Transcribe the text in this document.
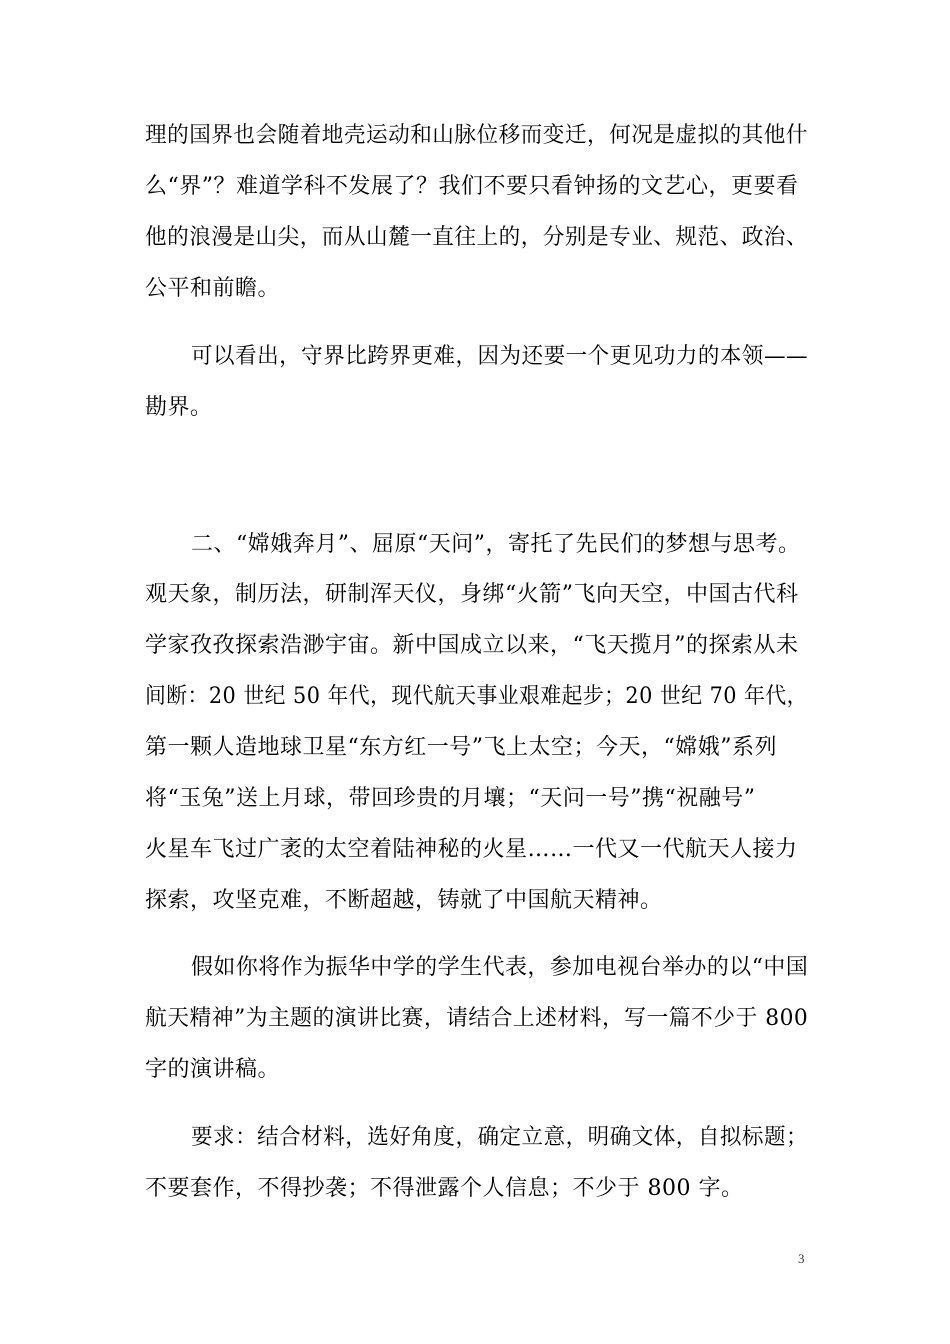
理的国界也会随着地壳运动和山脉位移而变迁，何况是虚拟的其他什
么“界”？难道学科不发展了？我们不要只看钟扬的文艺心，更要看
他的浪漫是山尖，而从山麓一直往上的，分别是专业、规范、政治、
公平和前瞻。
可以看出，守界比跨界更难，因为还要一个更见功力的本领——
勘界。
二、“嫦娥奔月”、屈原“天问”，寄托了先民们的梦想与思考。
观天象，制历法，研制浑天仪，身绑“火箭”飞向天空，中国古代科
学家孜孜探索浩渺宇宙。新中国成立以来，“飞天揽月”的探索从未
间断：20 世纪 50 年代，现代航天事业艰难起步；20 世纪 70 年代，
第一颗人造地球卫星“东方红一号”飞上太空；今天，“嫦娥”系列
将“玉兔”送上月球，带回珍贵的月壤；“天问一号”携“祝融号”
火星车飞过广袤的太空着陆神秘的火星……一代又一代航天人接力
探索，攻坚克难，不断超越，铸就了中国航天精神。
假如你将作为振华中学的学生代表，参加电视台举办的以“中国
航天精神”为主题的演讲比赛，请结合上述材料，写一篇不少于 800
字的演讲稿。
要求：结合材料，选好角度，确定立意，明确文体，自拟标题；
不要套作，不得抄袭；不得泄露个人信息；不少于 800 字。
3
